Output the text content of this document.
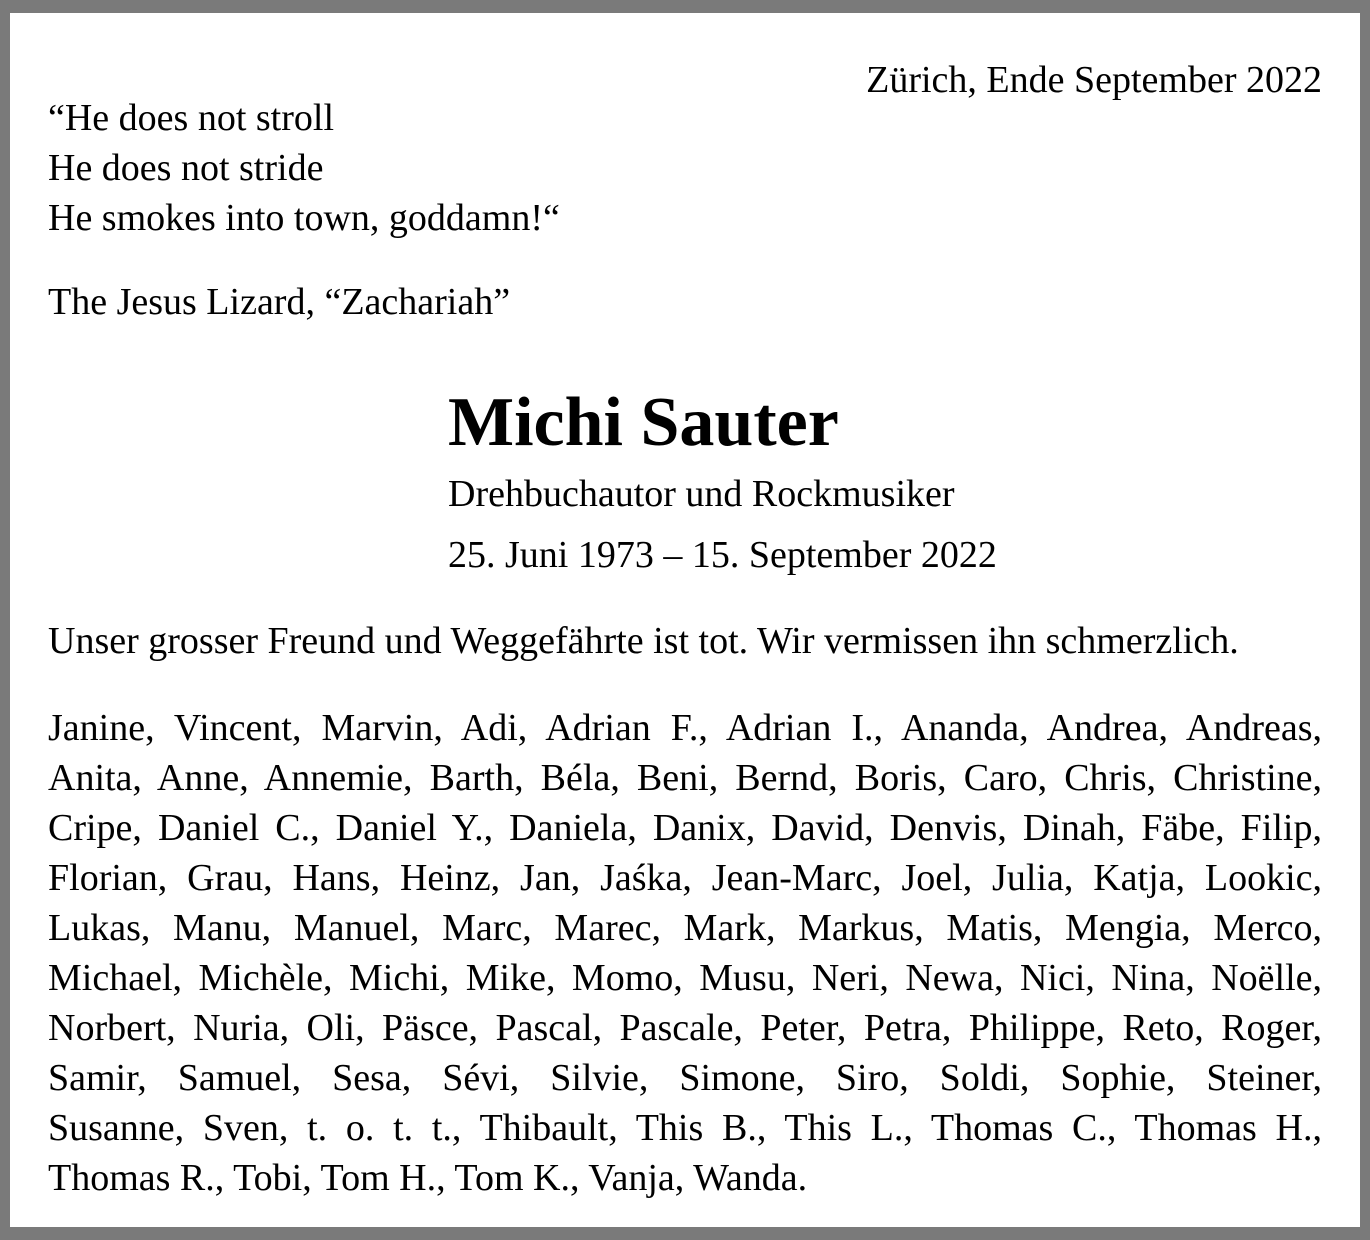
Zürich, Ende September 2022
“He does not stroll
He does not stride
He smokes into town, goddamn!“
The Jesus Lizard, “Zachariah”
Michi Sauter
Drehbuchautor und Rockmusiker
25. Juni 1973 – 15. September 2022
Unser grosser Freund und Weggefährte ist tot. Wir vermissen ihn schmerzlich.
Janine, Vincent, Marvin, Adi, Adrian F., Adrian I., Ananda, Andrea, Andreas,
Anita, Anne, Annemie, Barth, Béla, Beni, Bernd, Boris, Caro, Chris, Christine,
Cripe, Daniel C., Daniel Y., Daniela, Danix, David, Denvis, Dinah, Fäbe, Filip,
Florian, Grau, Hans, Heinz, Jan, Jaśka, Jean-Marc, Joel, Julia, Katja, Lookic,
Lukas, Manu, Manuel, Marc, Marec, Mark, Markus, Matis, Mengia, Merco,
Michael, Michèle, Michi, Mike, Momo, Musu, Neri, Newa, Nici, Nina, Noëlle,
Norbert, Nuria, Oli, Päsce, Pascal, Pascale, Peter, Petra, Philippe, Reto, Roger,
Samir, Samuel, Sesa, Sévi, Silvie, Simone, Siro, Soldi, Sophie, Steiner,
Susanne, Sven, t. o. t. t., Thibault, This B., This L., Thomas C., Thomas H.,
Thomas R., Tobi, Tom H., Tom K., Vanja, Wanda.
